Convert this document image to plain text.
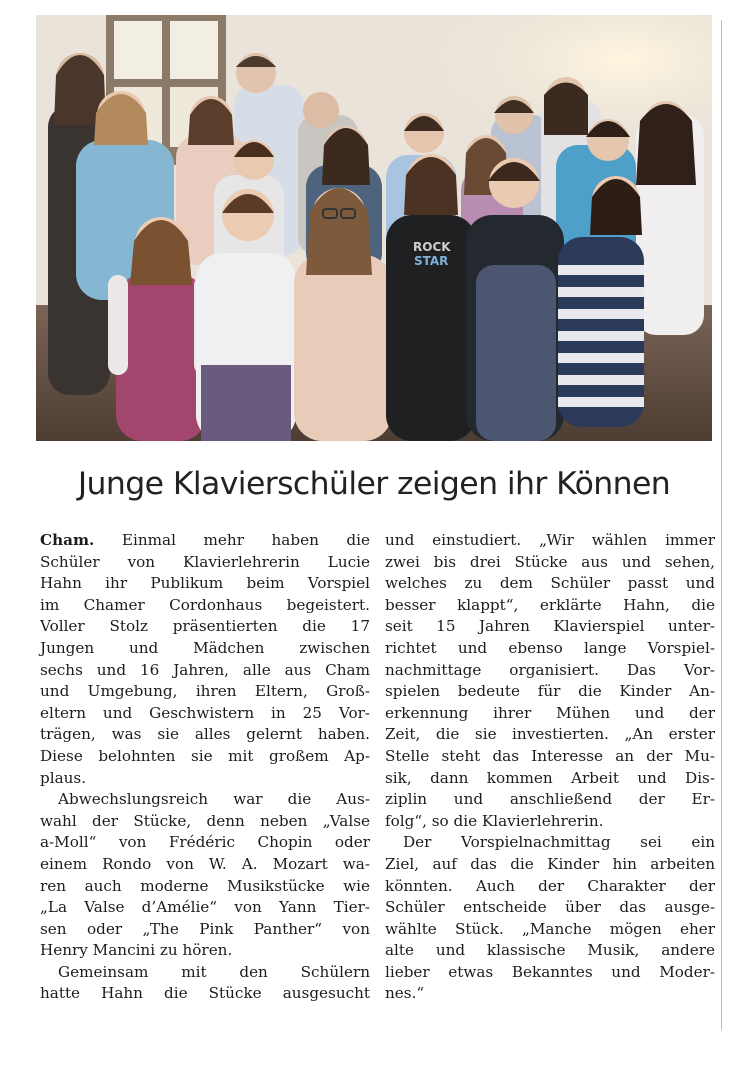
ROCK
STAR
Junge Klavierschüler zeigen ihr Können

Cham. Einmal mehr haben die
Schüler von Klavierlehrerin Lucie
Hahn ihr Publikum beim Vorspiel
im Chamer Cordonhaus begeistert.
Voller Stolz präsentierten die 17
Jungen und Mädchen zwischen
sechs und 16 Jahren, alle aus Cham
und Umgebung, ihren Eltern, Groß-
eltern und Geschwistern in 25 Vor-
trägen, was sie alles gelernt haben.
Diese belohnten sie mit großem Ap-
plaus.

Abwechslungsreich war die Aus-
wahl der Stücke, denn neben „Valse
a-Moll“ von Frédéric Chopin oder
einem Rondo von W. A. Mozart wa-
ren auch moderne Musikstücke wie
„La Valse d’Amélie“ von Yann Tier-
sen oder „The Pink Panther“ von
Henry Mancini zu hören.

Gemeinsam mit den Schülern
hatte Hahn die Stücke ausgesucht

und einstudiert. „Wir wählen immer
zwei bis drei Stücke aus und sehen,
welches zu dem Schüler passt und
besser klappt“, erklärte Hahn, die
seit 15 Jahren Klavierspiel unter-
richtet und ebenso lange Vorspiel-
nachmittage organisiert. Das Vor-
spielen bedeute für die Kinder An-
erkennung ihrer Mühen und der
Zeit, die sie investierten. „An erster
Stelle steht das Interesse an der Mu-
sik, dann kommen Arbeit und Dis-
ziplin und anschließend der Er-
folg“, so die Klavierlehrerin.

Der Vorspielnachmittag sei ein
Ziel, auf das die Kinder hin arbeiten
könnten. Auch der Charakter der
Schüler entscheide über das ausge-
wählte Stück. „Manche mögen eher
alte und klassische Musik, andere
lieber etwas Bekanntes und Moder-
nes.“
